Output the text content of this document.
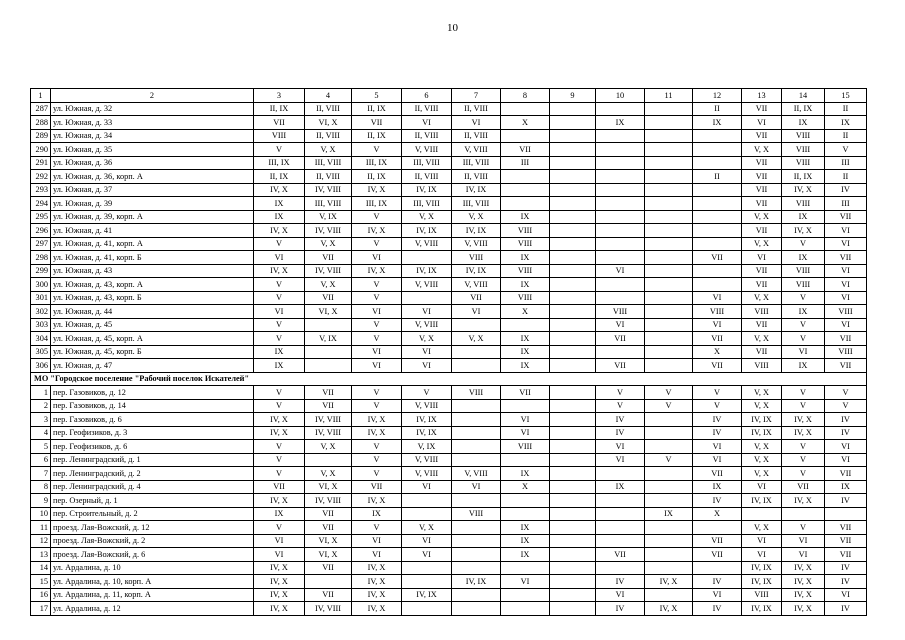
10
1	2	3	4	5	6	7	8	9	10	11	12	13	14	15
287	ул. Южная, д. 32	II, IX	II, VIII	II, IX	II, VIII	II, VIII					II	VII	II, IX	II
288	ул. Южная, д. 33	VII	VI, X	VII	VI	VI	X		IX		IX	VI	IX	IX
289	ул. Южная, д. 34	VIII	II, VIII	II, IX	II, VIII	II, VIII						VII	VIII	II
290	ул. Южная, д. 35	V	V, X	V	V, VIII	V, VIII	VII					V, X	VIII	V
291	ул. Южная, д. 36	III, IX	III, VIII	III, IX	III, VIII	III, VIII	III					VII	VIII	III
292	ул. Южная, д. 36, корп. А	II, IX	II, VIII	II, IX	II, VIII	II, VIII					II	VII	II, IX	II
293	ул. Южная, д. 37	IV, X	IV, VIII	IV, X	IV, IX	IV, IX						VII	IV, X	IV
294	ул. Южная, д. 39	IX	III, VIII	III, IX	III, VIII	III, VIII						VII	VIII	III
295	ул. Южная, д. 39, корп. А	IX	V, IX	V	V, X	V, X	IX					V, X	IX	VII
296	ул. Южная, д. 41	IV, X	IV, VIII	IV, X	IV, IX	IV, IX	VIII					VII	IV, X	VI
297	ул. Южная, д. 41, корп. А	V	V, X	V	V, VIII	V, VIII	VIII					V, X	V	VI
298	ул. Южная, д. 41, корп. Б	VI	VII	VI		VIII	IX				VII	VI	IX	VII
299	ул. Южная, д. 43	IV, X	IV, VIII	IV, X	IV, IX	IV, IX	VIII		VI			VII	VIII	VI
300	ул. Южная, д. 43, корп. А	V	V, X	V	V, VIII	V, VIII	IX					VII	VIII	VI
301	ул. Южная, д. 43, корп. Б	V	VII	V		VII	VIII				VI	V, X	V	VI
302	ул. Южная, д. 44	VI	VI, X	VI	VI	VI	X		VIII		VIII	VIII	IX	VIII
303	ул. Южная, д. 45	V		V	V, VIII				VI		VI	VII	V	VI
304	ул. Южная, д. 45, корп. А	V	V, IX	V	V, X	V, X	IX		VII		VII	V, X	V	VII
305	ул. Южная, д. 45, корп. Б	IX		VI	VI		IX				X	VII	VI	VIII
306	ул. Южная, д. 47	IX		VI	VI		IX		VII		VII	VIII	IX	VII
МО "Городское поселение "Рабочий поселок Искателей"														
1	пер. Газовиков, д. 12	V	VII	V	V	VIII	VII		V	V	V	V, X	V	V
2	пер. Газовиков, д. 14	V	VII	V	V, VIII				V	V	V	V, X	V	V
3	пер. Газовиков, д. 6	IV, X	IV, VIII	IV, X	IV, IX		VI		IV		IV	IV, IX	IV, X	IV
4	пер. Геофизиков, д. 3	IV, X	IV, VIII	IV, X	IV, IX		VI		IV		IV	IV, IX	IV, X	IV
5	пер. Геофизиков, д. 6	V	V, X	V	V, IX		VIII		VI		VI	V, X	V	VI
6	пер. Ленинградский, д. 1	V		V	V, VIII				VI	V	VI	V, X	V	VI
7	пер. Ленинградский, д. 2	V	V, X	V	V, VIII	V, VIII	IX				VII	V, X	V	VII
8	пер. Ленинградский, д. 4	VII	VI, X	VII	VI	VI	X		IX		IX	VI	VII	IX
9	пер. Озерный, д. 1	IV, X	IV, VIII	IV, X							IV	IV, IX	IV, X	IV
10	пер. Строительный, д. 2	IX	VII	IX		VIII				IX	X			
11	проезд. Лая-Вожский, д. 12	V	VII	V	V, X		IX					V, X	V	VII
12	проезд. Лая-Вожский, д. 2	VI	VI, X	VI	VI		IX				VII	VI	VI	VII
13	проезд. Лая-Вожский, д. 6	VI	VI, X	VI	VI		IX		VII		VII	VI	VI	VII
14	ул. Ардалина, д. 10	IV, X	VII	IV, X								IV, IX	IV, X	IV
15	ул. Ардалина, д. 10, корп. А	IV, X		IV, X		IV, IX	VI		IV	IV, X	IV	IV, IX	IV, X	IV
16	ул. Ардалина, д. 11, корп. А	IV, X	VII	IV, X	IV, IX				VI		VI	VIII	IV, X	VI
17	ул. Ардалина, д. 12	IV, X	IV, VIII	IV, X					IV	IV, X	IV	IV, IX	IV, X	IV
